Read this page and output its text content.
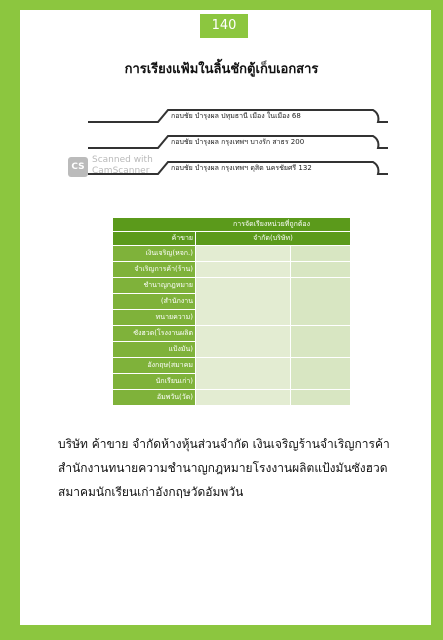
140
การเรียงแฟ้มในลิ้นชักตู้เก็บเอกสาร
กอบชัย บำรุงผล ปทุมธานี เมือง ในเมือง 68
กอบชัย บำรุงผล กรุงเทพฯ บางรัก สาธร 200
กอบชัย บำรุงผล กรุงเทพฯ ดุสิต นครชัยศรี 132
CS
Scanned with
CamScanner
การจัดเรียงหน่วยที่ถูกต้อง		
ค้าขาย	จำกัด(บริษัท)	
เงินเจริญ(หจก.)		
จำเริญการค้า(ร้าน)		
ชำนาญกฎหมาย		
(สำนักงาน		
ทนายความ)		
ซังฮวด(โรงงานผลิต		
แป้งมัน)		
อังกฤษ(สมาคม		
นักเรียนเก่า)		
อัมพวัน(วัด)		
บริษัท ค้าขาย จำกัดห้างหุ้นส่วนจำกัด เงินเจริญร้านจำเริญการค้า สำนักงานทนายความชำนาญกฎหมายโรงงานผลิตแป้งมันซังฮวด สมาคมนักเรียนเก่าอังกฤษวัดอัมพวัน
